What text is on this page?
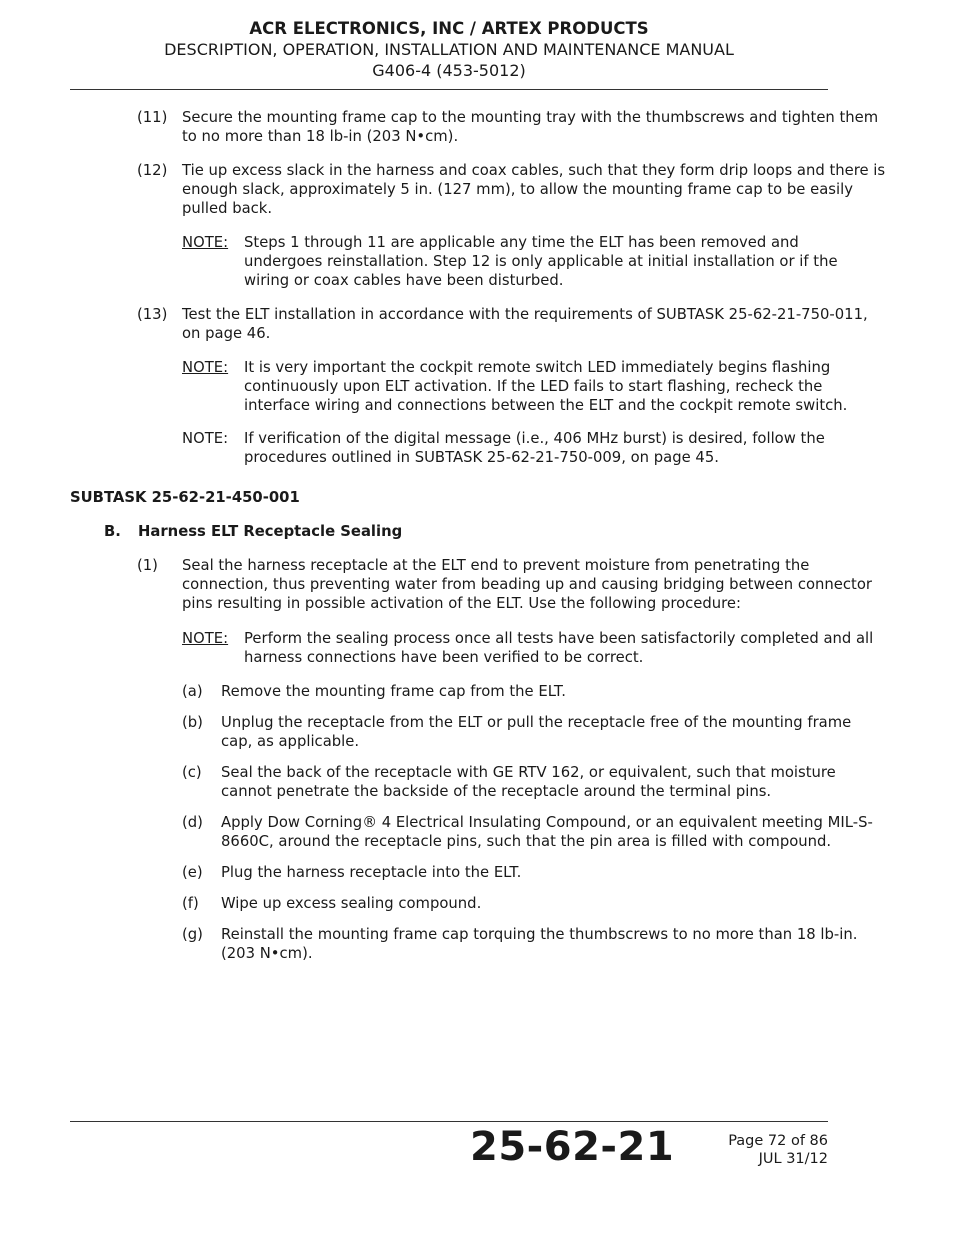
ACR ELECTRONICS, INC / ARTEX PRODUCTS
DESCRIPTION, OPERATION, INSTALLATION AND MAINTENANCE MANUAL
G406-4 (453-5012)
(11) Secure the mounting frame cap to the mounting tray with the thumbscrews and tighten them
to no more than 18 lb-in (203 N•cm).
(12) Tie up excess slack in the harness and coax cables, such that they form drip loops and there is
enough slack, approximately 5 in. (127 mm), to allow the mounting frame cap to be easily
pulled back.
NOTE: Steps 1 through 11 are applicable any time the ELT has been removed and
undergoes reinstallation. Step 12 is only applicable at initial installation or if the
wiring or coax cables have been disturbed.
(13) Test the ELT installation in accordance with the requirements of SUBTASK 25-62-21-750-011,
on page 46.
NOTE: It is very important the cockpit remote switch LED immediately begins flashing
continuously upon ELT activation. If the LED fails to start flashing, recheck the
interface wiring and connections between the ELT and the cockpit remote switch.
NOTE: If verification of the digital message (i.e., 406 MHz burst) is desired, follow the
procedures outlined in SUBTASK 25-62-21-750-009, on page 45.
SUBTASK 25-62-21-450-001
B. Harness ELT Receptacle Sealing
(1) Seal the harness receptacle at the ELT end to prevent moisture from penetrating the
connection, thus preventing water from beading up and causing bridging between connector
pins resulting in possible activation of the ELT. Use the following procedure:
NOTE: Perform the sealing process once all tests have been satisfactorily completed and all
harness connections have been verified to be correct.
(a) Remove the mounting frame cap from the ELT.
(b) Unplug the receptacle from the ELT or pull the receptacle free of the mounting frame
cap, as applicable.
(c) Seal the back of the receptacle with GE RTV 162, or equivalent, such that moisture
cannot penetrate the backside of the receptacle around the terminal pins.
(d) Apply Dow Corning® 4 Electrical Insulating Compound, or an equivalent meeting MIL-S-
8660C, around the receptacle pins, such that the pin area is filled with compound.
(e) Plug the harness receptacle into the ELT.
(f) Wipe up excess sealing compound.
(g) Reinstall the mounting frame cap torquing the thumbscrews to no more than 18 lb-in.
(203 N•cm).
25-62-21	Page 72 of 86
JUL 31/12
